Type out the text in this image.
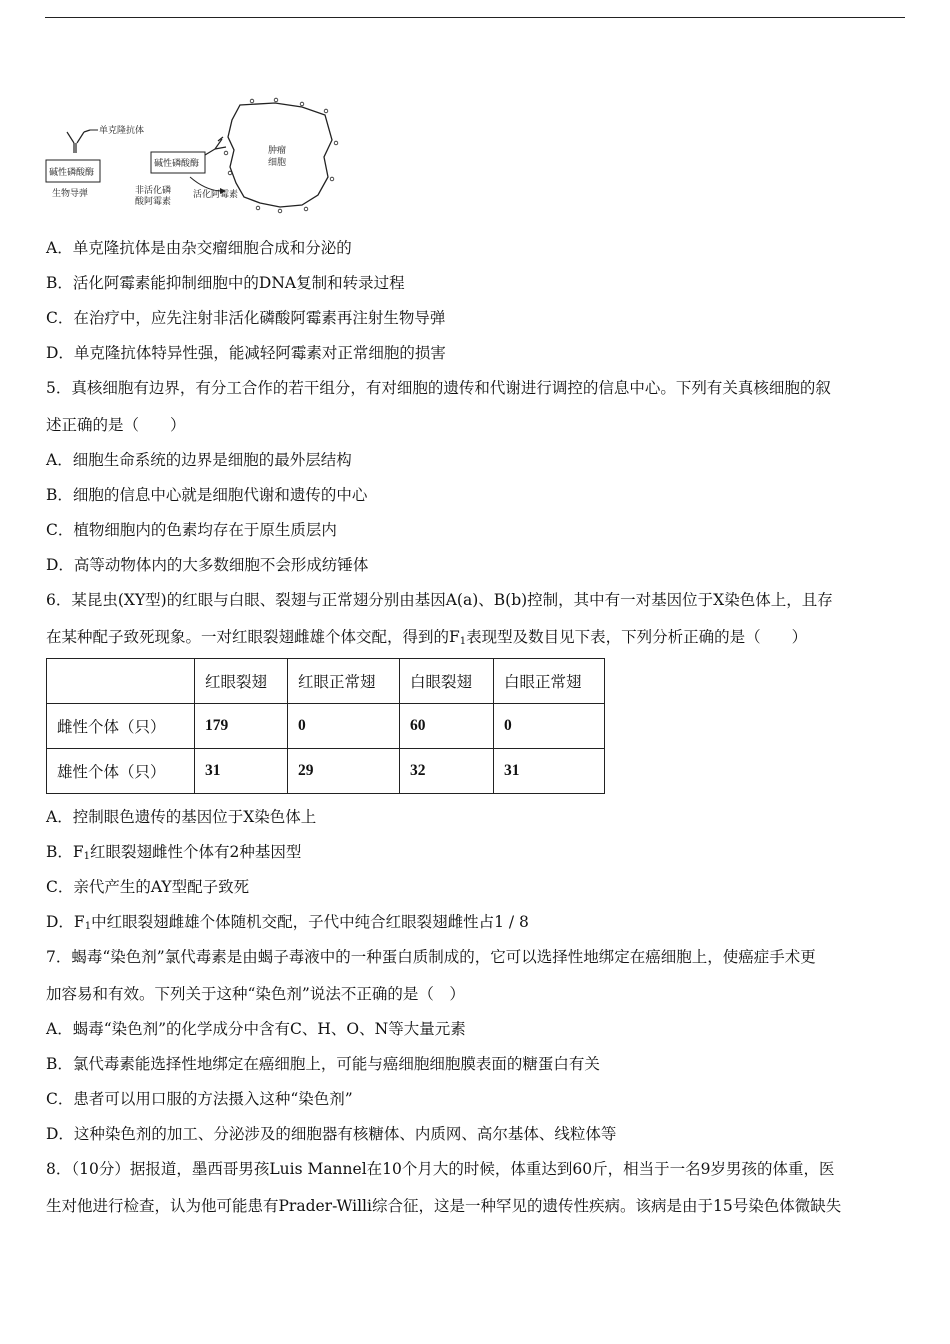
单克隆抗体
碱性磷酸酶
生物导弹
碱性磷酸酶
非活化磷
酸阿霉素
活化阿霉素
肿瘤
细胞
A．单克隆抗体是由杂交瘤细胞合成和分泌的
B．活化阿霉素能抑制细胞中的DNA复制和转录过程
C．在治疗中，应先注射非活化磷酸阿霉素再注射生物导弹
D．单克隆抗体特异性强，能减轻阿霉素对正常细胞的损害
5．真核细胞有边界，有分工合作的若干组分，有对细胞的遗传和代谢进行调控的信息中心。下列有关真核细胞的叙
述正确的是（　　）
A．细胞生命系统的边界是细胞的最外层结构
B．细胞的信息中心就是细胞代谢和遗传的中心
C．植物细胞内的色素均存在于原生质层内
D．高等动物体内的大多数细胞不会形成纺锤体
6．某昆虫(XY型)的红眼与白眼、裂翅与正常翅分别由基因A(a)、B(b)控制，其中有一对基因位于X染色体上，且存
在某种配子致死现象。一对红眼裂翅雌雄个体交配，得到的$F_1$表现型及数目见下表，下列分析正确的是（　　）
	红眼裂翅	红眼正常翅	白眼裂翅	白眼正常翅
雌性个体（只）	179	0	60	0
雄性个体（只）	31	29	32	31
A．控制眼色遗传的基因位于X染色体上
B．$F_1$红眼裂翅雌性个体有2种基因型
C．亲代产生的AY型配子致死
D．$F_1$中红眼裂翅雌雄个体随机交配，子代中纯合红眼裂翅雌性占1 / 8
7．蝎毒“染色剂”氯代毒素是由蝎子毒液中的一种蛋白质制成的，它可以选择性地绑定在癌细胞上，使癌症手术更
加容易和有效。下列关于这种“染色剂”说法不正确的是（　）
A．蝎毒“染色剂”的化学成分中含有C、H、O、N等大量元素
B．氯代毒素能选择性地绑定在癌细胞上，可能与癌细胞细胞膜表面的糖蛋白有关
C．患者可以用口服的方法摄入这种“染色剂”
D．这种染色剂的加工、分泌涉及的细胞器有核糖体、内质网、高尔基体、线粒体等
8．（10分）据报道，墨西哥男孩Luis Mannel在10个月大的时候，体重达到60斤，相当于一名9岁男孩的体重，医
生对他进行检查，认为他可能患有Prader-Willi综合征，这是一种罕见的遗传性疾病。该病是由于15号染色体微缺失
